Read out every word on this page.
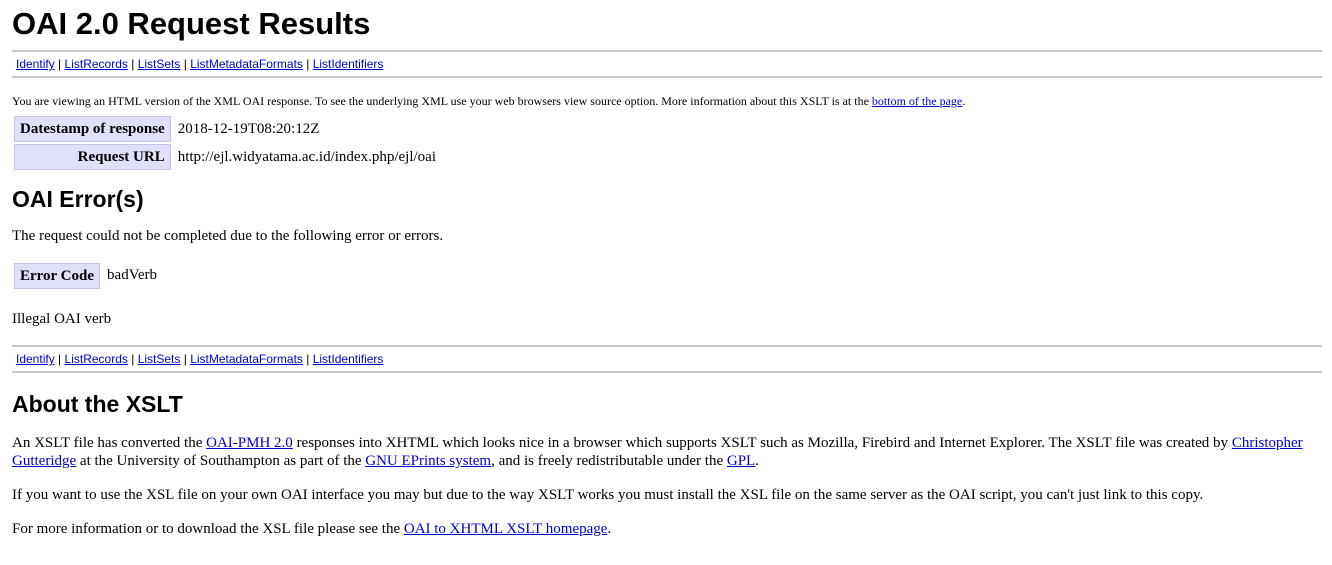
OAI 2.0 Request Results
Identify | ListRecords | ListSets | ListMetadataFormats | ListIdentifiers

You are viewing an HTML version of the XML OAI response. To see the underlying XML use your web browsers view source option. More information about this XSLT is at the bottom of the page.

Datestamp of response	2018-12-19T08:20:12Z
Request URL	http://ejl.widyatama.ac.id/index.php/ejl/oai
OAI Error(s)

The request could not be completed due to the following error or errors.

Error Code	badVerb

Illegal OAI verb

Identify | ListRecords | ListSets | ListMetadataFormats | ListIdentifiers
About the XSLT

An XSLT file has converted the OAI-PMH 2.0 responses into XHTML which looks nice in a browser which supports XSLT such as Mozilla, Firebird and Internet Explorer. The XSLT file was created by Christopher Gutteridge at the University of Southampton as part of the GNU EPrints system, and is freely redistributable under the GPL.

If you want to use the XSL file on your own OAI interface you may but due to the way XSLT works you must install the XSL file on the same server as the OAI script, you can't just link to this copy.

For more information or to download the XSL file please see the OAI to XHTML XSLT homepage.
